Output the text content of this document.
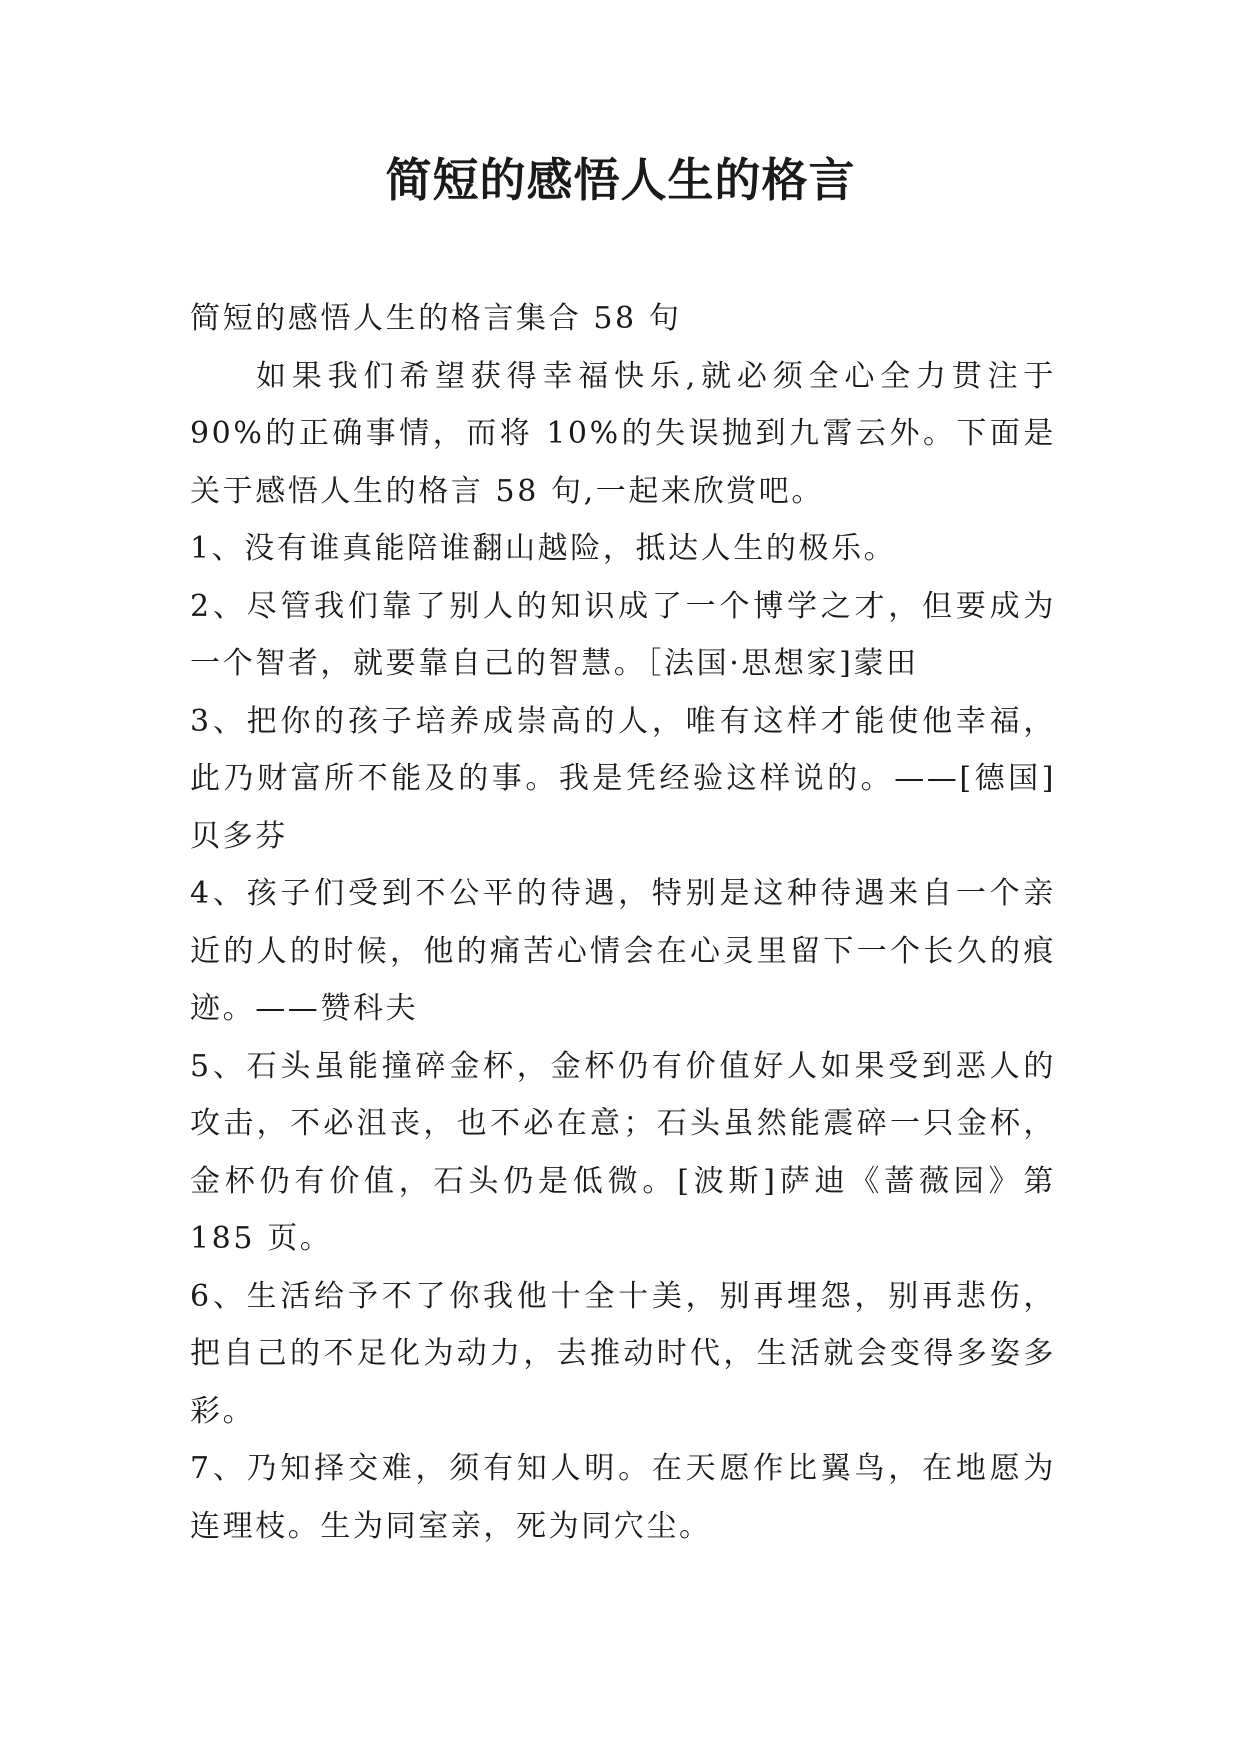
简短的感悟人生的格言

简短的感悟人生的格言集合 58 句

如果我们希望获得幸福快乐,就必须全心全力贯注于90%的正确事情，而将 10%的失误抛到九霄云外。下面是关于感悟人生的格言 58 句,一起来欣赏吧。

1、没有谁真能陪谁翻山越险，抵达人生的极乐。

2、尽管我们靠了别人的知识成了一个博学之才，但要成为一个智者，就要靠自己的智慧。［法国·思想家]蒙田

3、把你的孩子培养成崇高的人，唯有这样才能使他幸福，此乃财富所不能及的事。我是凭经验这样说的。——[德国]贝多芬

4、孩子们受到不公平的待遇，特别是这种待遇来自一个亲近的人的时候，他的痛苦心情会在心灵里留下一个长久的痕迹。——赞科夫

5、石头虽能撞碎金杯，金杯仍有价值好人如果受到恶人的攻击，不必沮丧，也不必在意；石头虽然能震碎一只金杯，金杯仍有价值，石头仍是低微。[波斯]萨迪《蔷薇园》第 185 页。

6、生活给予不了你我他十全十美，别再埋怨，别再悲伤，把自己的不足化为动力，去推动时代，生活就会变得多姿多彩。

7、乃知择交难，须有知人明。在天愿作比翼鸟，在地愿为连理枝。生为同室亲，死为同穴尘。
